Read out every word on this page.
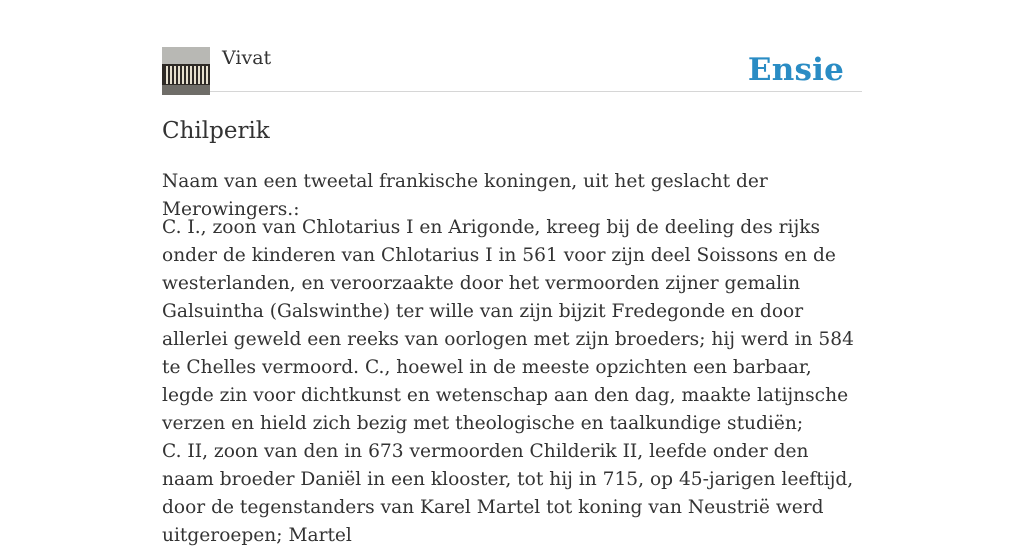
Vivat	Ensie
Chilperik

Naam van een tweetal frankische koningen, uit het geslacht der Merowingers.:

C. I., zoon van Chlotarius I en Arigonde, kreeg bij de deeling des rijks onder de kinderen van Chlotarius I in 561 voor zijn deel Soissons en de westerlanden, en veroorzaakte door het vermoorden zijner gemalin Galsuintha (Galswinthe) ter wille van zijn bijzit Fredegonde en door allerlei geweld een reeks van oorlogen met zijn broeders; hij werd in 584 te Chelles vermoord. C., hoewel in de meeste opzichten een barbaar, legde zin voor dichtkunst en wetenschap aan den dag, maakte latijnsche verzen en hield zich bezig met theologische en taalkundige studiën;
C. II, zoon van den in 673 vermoorden Childerik II, leefde onder den naam broeder Daniël in een klooster, tot hij in 715, op 45-jarigen leeftijd, door de tegenstanders van Karel Martel tot koning van Neustrië werd uitgeroepen; Martel
